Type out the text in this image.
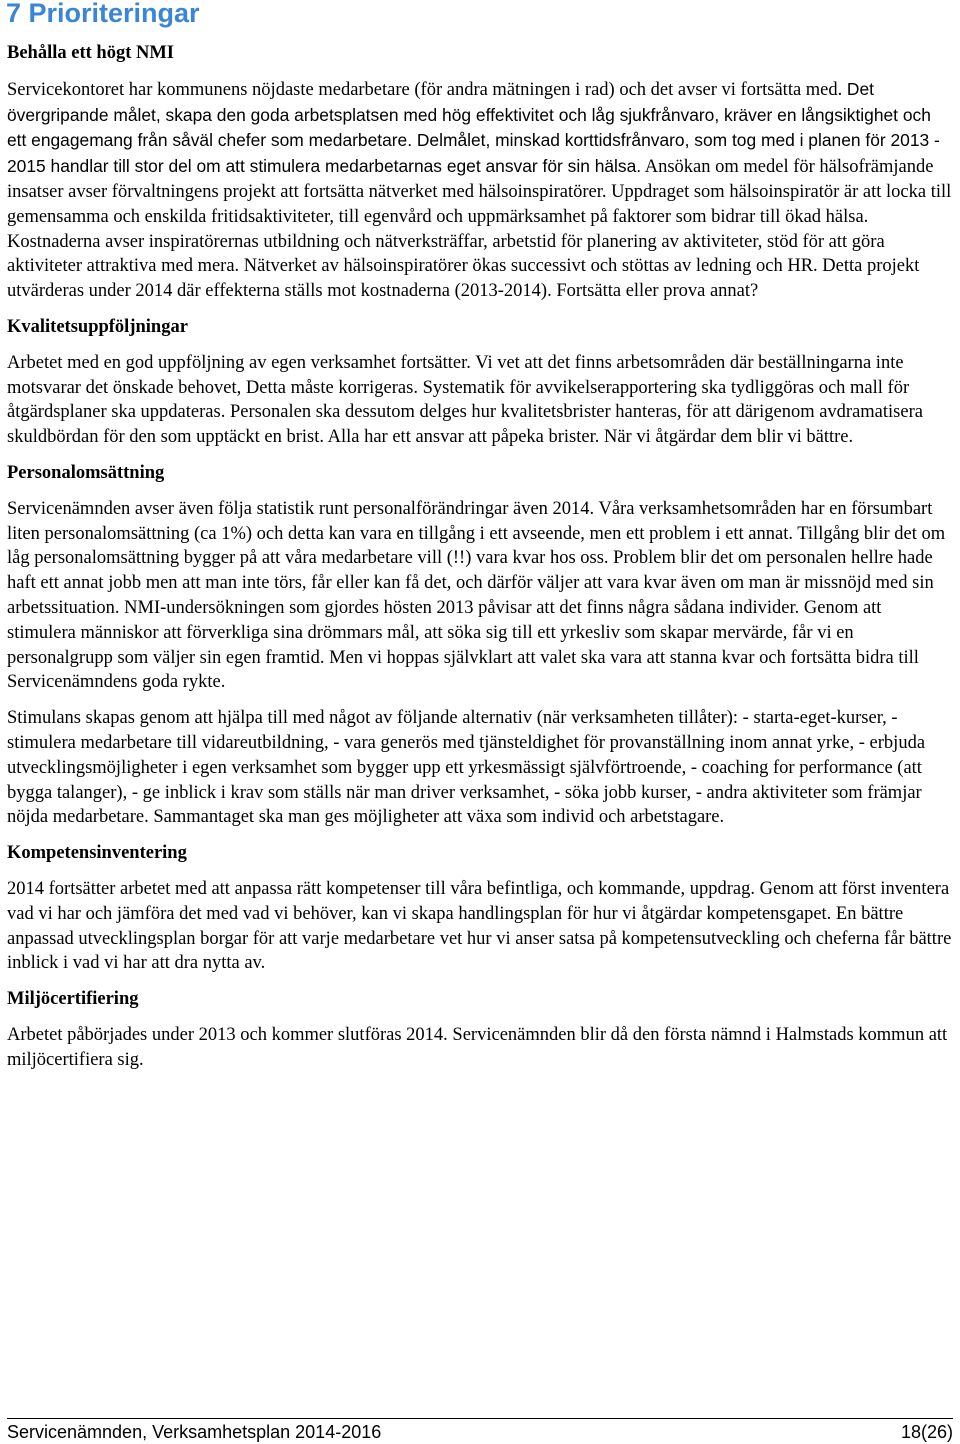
7 Prioriteringar
Behålla ett högt NMI

Servicekontoret har kommunens nöjdaste medarbetare (för andra mätningen i rad) och det avser vi fortsätta med. Det övergripande målet, skapa den goda arbetsplatsen med hög effektivitet och låg sjukfrånvaro, kräver en långsiktighet och ett engagemang från såväl chefer som medarbetare. Delmålet, minskad korttidsfrånvaro, som tog med i planen för 2013 - 2015 handlar till stor del om att stimulera medarbetarnas eget ansvar för sin hälsa. Ansökan om medel för hälsofrämjande insatser avser förvaltningens projekt att fortsätta nätverket med hälsoinspiratörer. Uppdraget som hälsoinspiratör är att locka till gemensamma och enskilda fritidsaktiviteter, till egenvård och uppmärksamhet på faktorer som bidrar till ökad hälsa. Kostnaderna avser inspiratörernas utbildning och nätverksträffar, arbetstid för planering av aktiviteter, stöd för att göra aktiviteter attraktiva med mera. Nätverket av hälsoinspiratörer ökas successivt och stöttas av ledning och HR. Detta projekt utvärderas under 2014 där effekterna ställs mot kostnaderna (2013-2014). Fortsätta eller prova annat?

Kvalitetsuppföljningar

Arbetet med en god uppföljning av egen verksamhet fortsätter. Vi vet att det finns arbetsområden där beställningarna inte motsvarar det önskade behovet, Detta måste korrigeras. Systematik för avvikelserapportering ska tydliggöras och mall för åtgärdsplaner ska uppdateras. Personalen ska dessutom delges hur kvalitetsbrister hanteras, för att därigenom avdramatisera skuldbördan för den som upptäckt en brist. Alla har ett ansvar att påpeka brister. När vi åtgärdar dem blir vi bättre.

Personalomsättning

Servicenämnden avser även följa statistik runt personalförändringar även 2014. Våra verksamhetsområden har en försumbart liten personalomsättning (ca 1%) och detta kan vara en tillgång i ett avseende, men ett problem i ett annat. Tillgång blir det om låg personalomsättning bygger på att våra medarbetare vill (!!) vara kvar hos oss. Problem blir det om personalen hellre hade haft ett annat jobb men att man inte törs, får eller kan få det, och därför väljer att vara kvar även om man är missnöjd med sin arbetssituation. NMI-undersökningen som gjordes hösten 2013 påvisar att det finns några sådana individer. Genom att stimulera människor att förverkliga sina drömmars mål, att söka sig till ett yrkesliv som skapar mervärde, får vi en personalgrupp som väljer sin egen framtid. Men vi hoppas självklart att valet ska vara att stanna kvar och fortsätta bidra till Servicenämndens goda rykte.

Stimulans skapas genom att hjälpa till med något av följande alternativ (när verksamheten tillåter): - starta-eget-kurser, - stimulera medarbetare till vidareutbildning, - vara generös med tjänsteldighet för provanställning inom annat yrke, - erbjuda utvecklingsmöjligheter i egen verksamhet som bygger upp ett yrkesmässigt självförtroende, - coaching for performance (att bygga talanger), - ge inblick i krav som ställs när man driver verksamhet, - söka jobb kurser, - andra aktiviteter som främjar nöjda medarbetare. Sammantaget ska man ges möjligheter att växa som individ och arbetstagare.

Kompetensinventering

2014 fortsätter arbetet med att anpassa rätt kompetenser till våra befintliga, och kommande, uppdrag. Genom att först inventera vad vi har och jämföra det med vad vi behöver, kan vi skapa handlingsplan för hur vi åtgärdar kompetensgapet. En bättre anpassad utvecklingsplan borgar för att varje medarbetare vet hur vi anser satsa på kompetensutveckling och cheferna får bättre inblick i vad vi har att dra nytta av.

Miljöcertifiering

Arbetet påbörjades under 2013 och kommer slutföras 2014. Servicenämnden blir då den första nämnd i Halmstads kommun att miljöcertifiera sig.

Servicenämnden, Verksamhetsplan 2014-2016	18(26)
